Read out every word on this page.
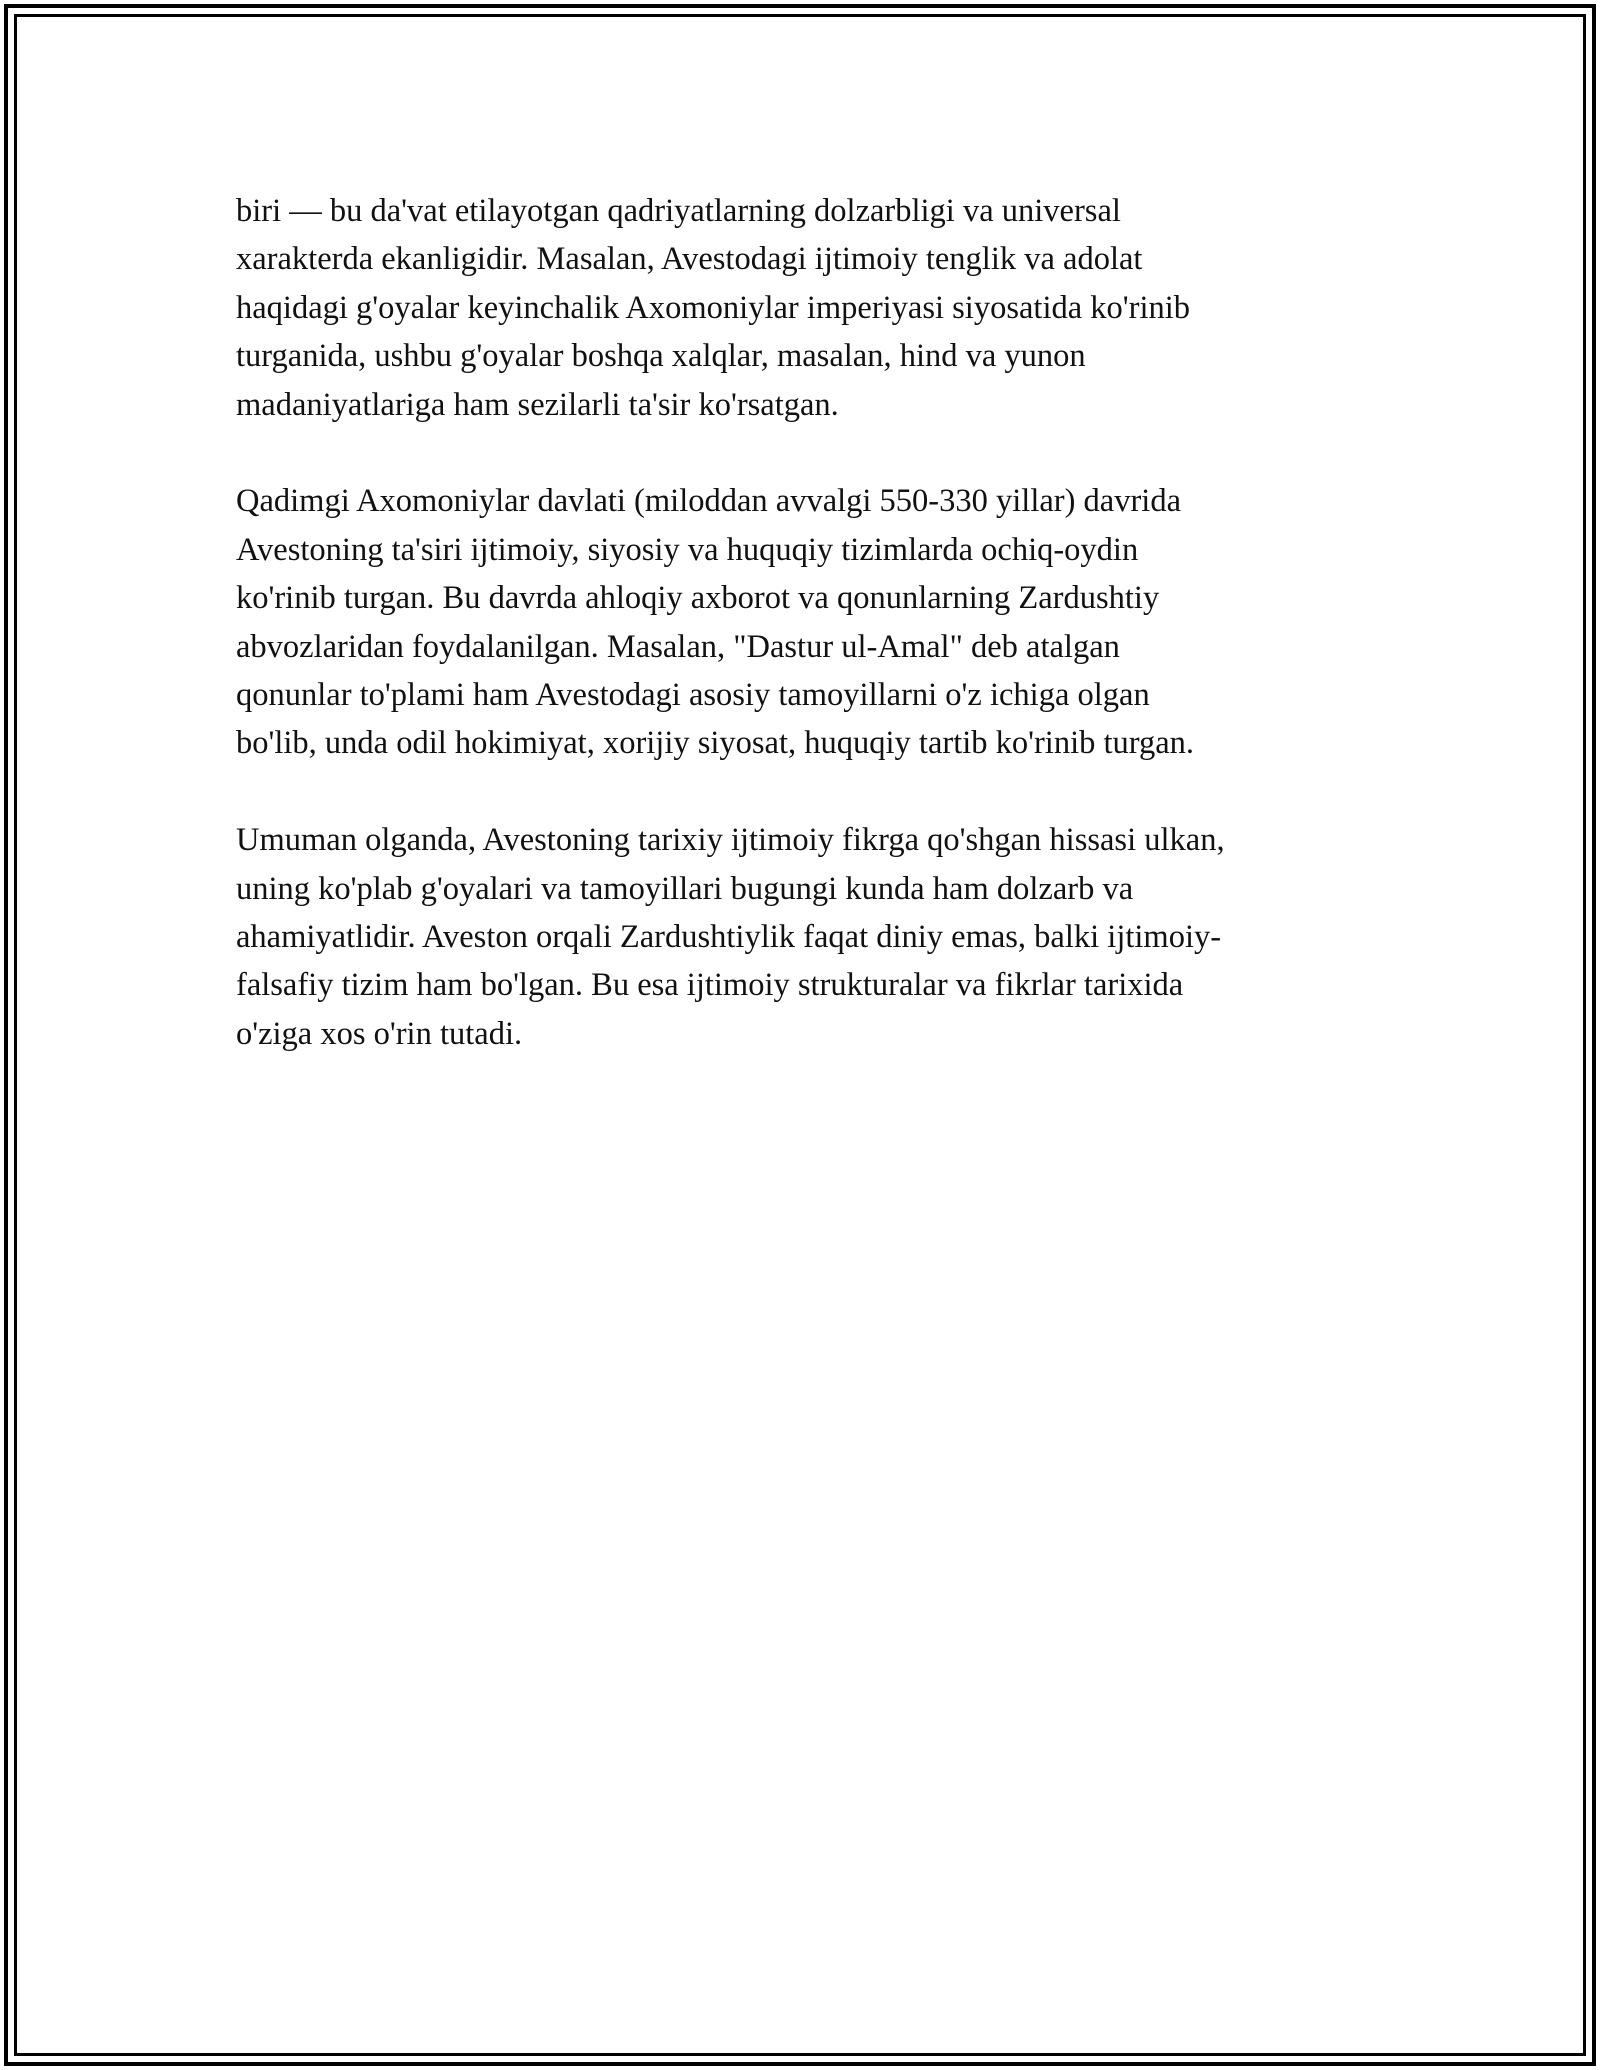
biri — bu da'vat etilayotgan qadriyatlarning dolzarbligi va universal
xarakterda ekanligidir. Masalan, Avestodagi ijtimoiy tenglik va adolat
haqidagi g'oyalar keyinchalik Axomoniylar imperiyasi siyosatida ko'rinib
turganida, ushbu g'oyalar boshqa xalqlar, masalan, hind va yunon
madaniyatlariga ham sezilarli ta'sir ko'rsatgan.

Qadimgi Axomoniylar davlati (miloddan avvalgi 550-330 yillar) davrida
Avestoning ta'siri ijtimoiy, siyosiy va huquqiy tizimlarda ochiq-oydin
ko'rinib turgan. Bu davrda ahloqiy axborot va qonunlarning Zardushtiy
abvozlaridan foydalanilgan. Masalan, "Dastur ul-Amal" deb atalgan
qonunlar to'plami ham Avestodagi asosiy tamoyillarni o'z ichiga olgan
bo'lib, unda odil hokimiyat, xorijiy siyosat, huquqiy tartib ko'rinib turgan.

Umuman olganda, Avestoning tarixiy ijtimoiy fikrga qo'shgan hissasi ulkan,
uning ko'plab g'oyalari va tamoyillari bugungi kunda ham dolzarb va
ahamiyatlidir. Aveston orqali Zardushtiylik faqat diniy emas, balki ijtimoiy-
falsafiy tizim ham bo'lgan. Bu esa ijtimoiy strukturalar va fikrlar tarixida
o'ziga xos o'rin tutadi.
